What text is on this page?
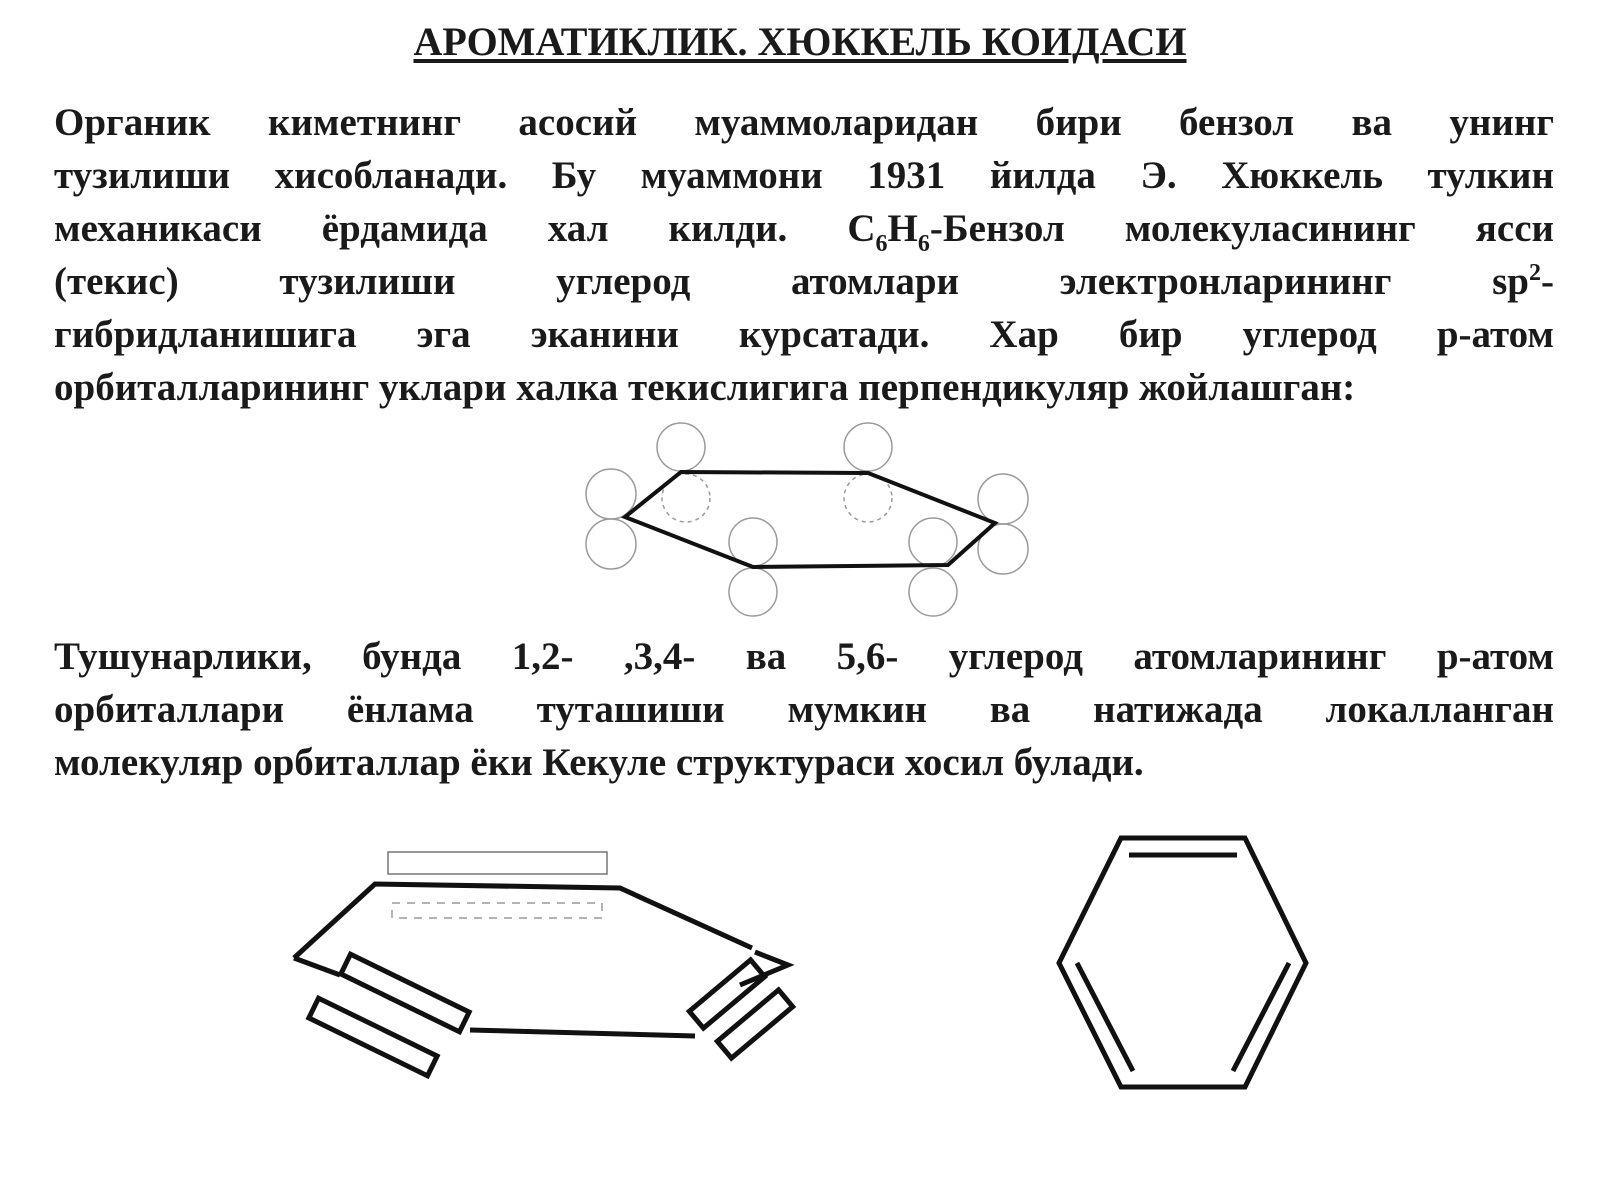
АРОМАТИКЛИК. ХЮККЕЛЬ КОИДАСИ
Органик киметнинг асосий муаммоларидан бири бензол ва унинг
тузилиши хисобланади. Бу муаммони 1931 йилда Э. Хюккель тулкин
механикаси ёрдамида хал килди. $C_6H_6$-Бензол молекуласининг ясси
(текис) тузилиши углерод атомлари электронларининг $sp^2-$
гибридланишига эга эканини курсатади. Хар бир углерод р-атом
орбиталларининг уклари халка текислигига перпендикуляр жойлашган:
Тушунарлики, бунда 1,2- ,3,4- ва 5,6- углерод атомларининг р-атом
орбиталлари ёнлама туташиши мумкин ва натижада локалланган
молекуляр орбиталлар ёки Кекуле структураси хосил булади.
